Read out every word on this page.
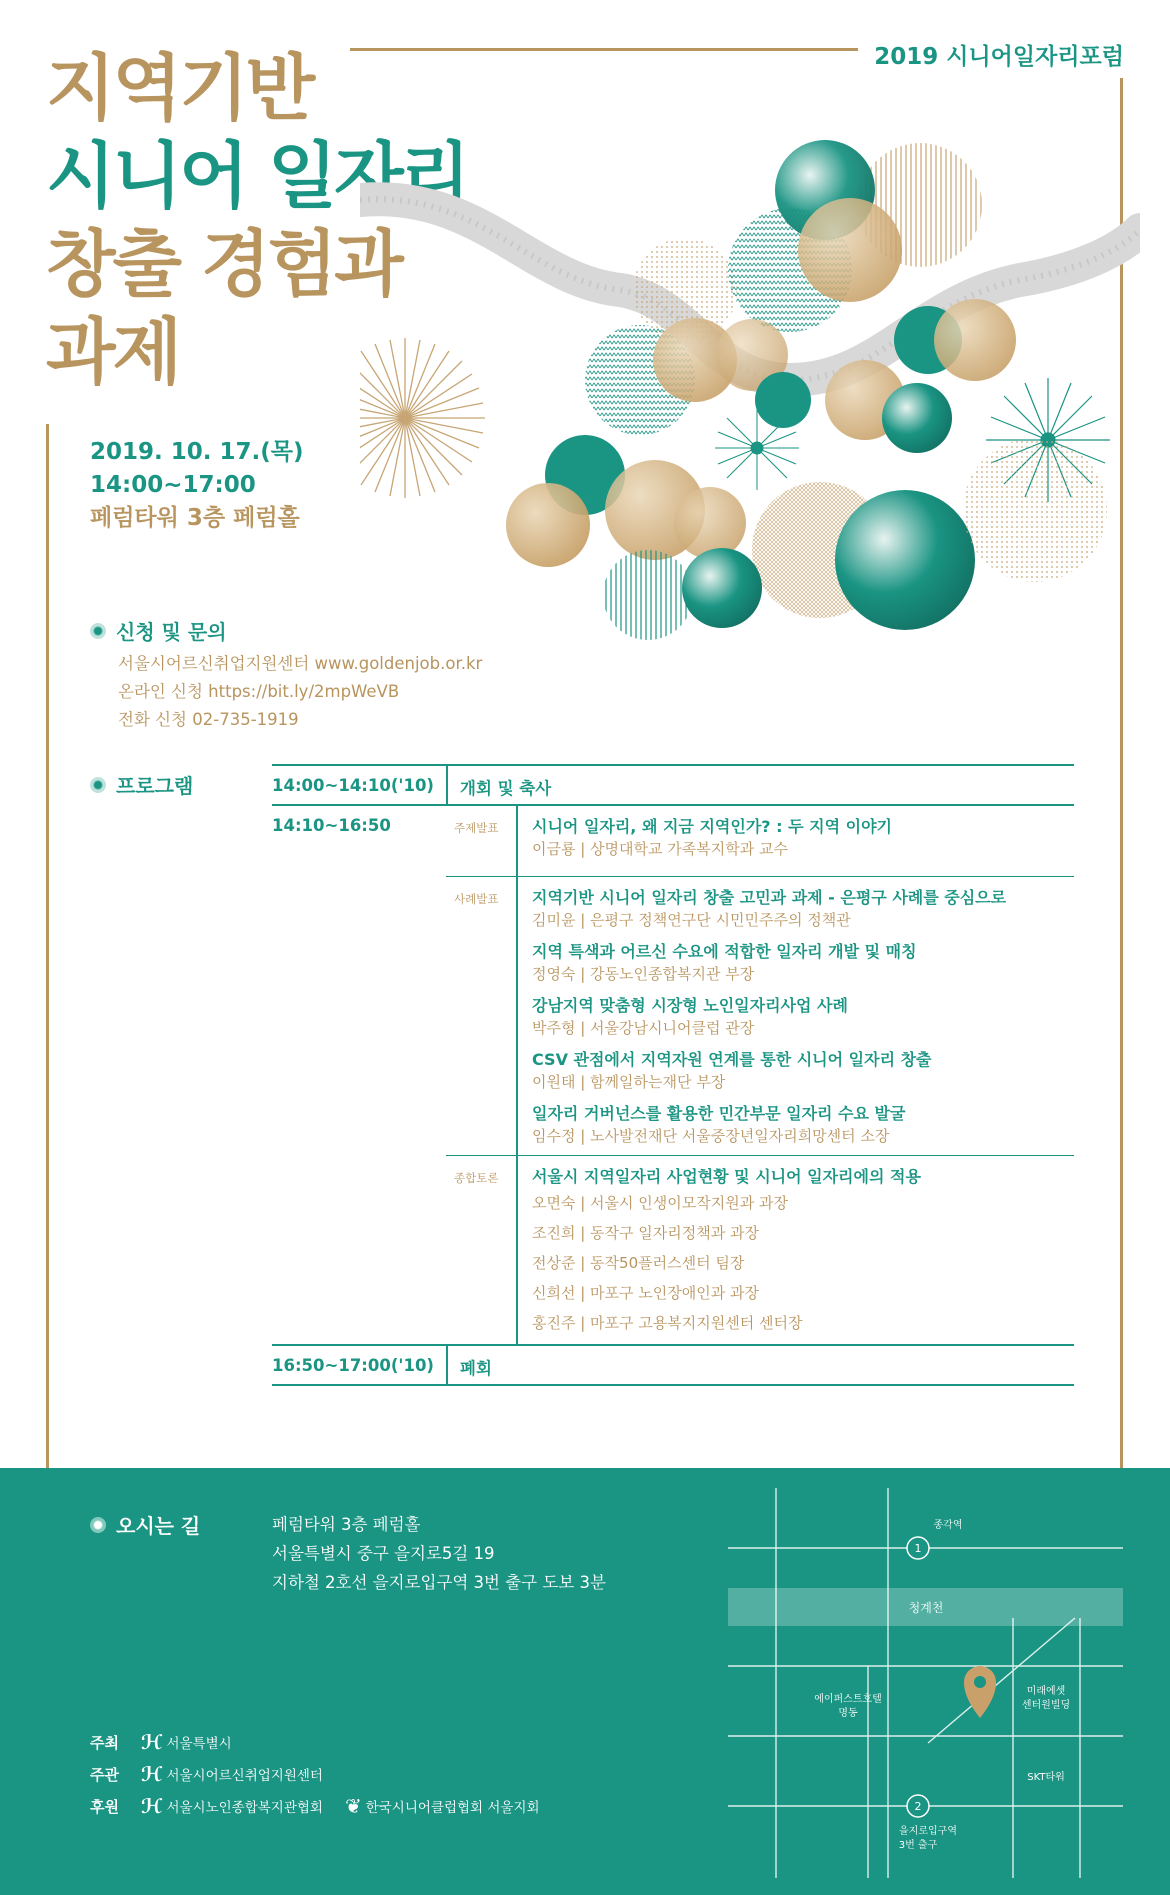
2019 시니어일자리포럼
지역기반
시니어 일자리
창출 경험과
과제
2019. 10. 17.(목)
14:00~17:00
페럼타워 3층 페럼홀
신청 및 문의
서울시어르신취업지원센터 www.goldenjob.or.kr
온라인 신청 https://bit.ly/2mpWeVB
전화 신청 02-735-1919
프로그램	14:00~14:10('10)	개회 및 축사
14:10~16:50	주제발표	시니어 일자리, 왜 지금 지역인가? : 두 지역 이야기
이금룡 | 상명대학교 가족복지학과 교수
사례발표	지역기반 시니어 일자리 창출 고민과 과제 - 은평구 사례를 중심으로
김미윤 | 은평구 정책연구단 시민민주주의 정책관
지역 특색과 어르신 수요에 적합한 일자리 개발 및 매칭
정영숙 | 강동노인종합복지관 부장
강남지역 맞춤형 시장형 노인일자리사업 사례
박주형 | 서울강남시니어클럽 관장
CSV 관점에서 지역자원 연계를 통한 시니어 일자리 창출
이원태 | 함께일하는재단 부장
일자리 거버넌스를 활용한 민간부문 일자리 수요 발굴
임수정 | 노사발전재단 서울중장년일자리희망센터 소장
종합토론	서울시 지역일자리 사업현황 및 시니어 일자리에의 적용
오면숙 | 서울시 인생이모작지원과 과장
조진희 | 동작구 일자리정책과 과장
전상준 | 동작50플러스센터 팀장
신희선 | 마포구 노인장애인과 과장
홍진주 | 마포구 고용복지지원센터 센터장
16:50~17:00('10)	폐회
오시는 길	페럼타워 3층 페럼홀
서울특별시 중구 을지로5길 19
지하철 2호선 을지로입구역 3번 출구 도보 3분
주최 ℋ 서울특별시
주관 ℋ 서울시어르신취업지원센터
후원 ℋ 서울시노인종합복지관협회 ❦ 한국시니어클럽협회 서울지회
청계천
1
종각역
에이퍼스트호텔
명동
미래에셋
센터원빌딩
SKT타워
2
을지로입구역
3번 출구
